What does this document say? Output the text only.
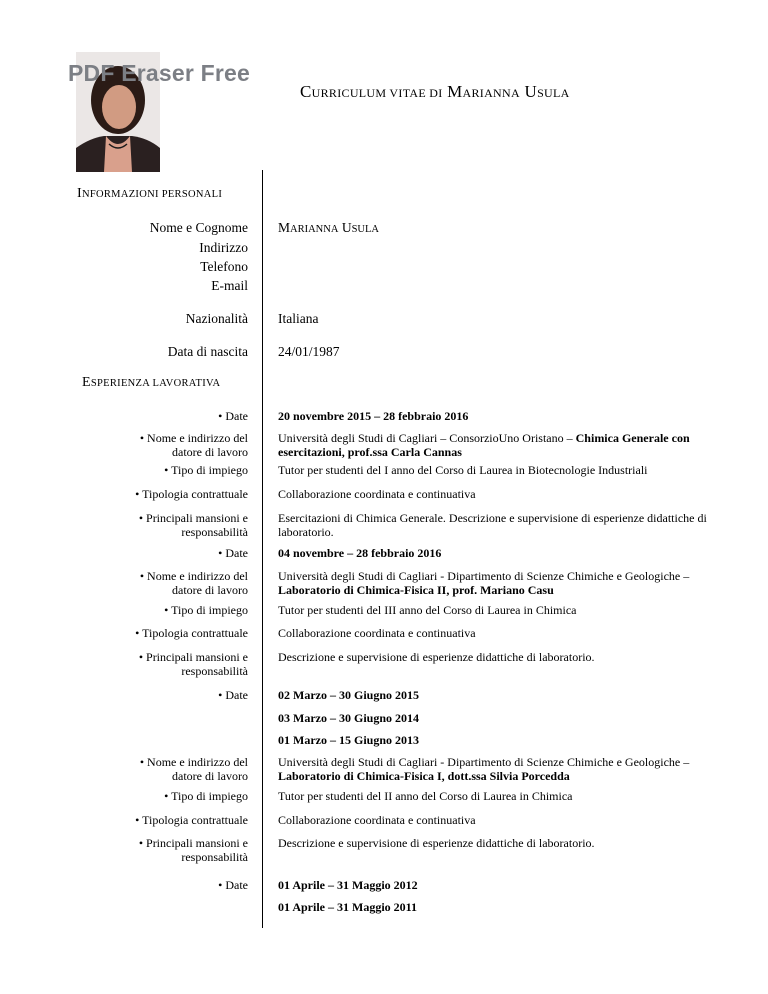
PDF Eraser Free
CURRICULUM VITAE DI MARIANNA USULA
INFORMAZIONI PERSONALI
Nome e Cognome MARIANNA USULA
Indirizzo
Telefono
E-mail
Nazionalità Italiana
Data di nascita 24/01/1987
ESPERIENZA LAVORATIVA
• Date	20 novembre 2015 – 28 febbraio 2016
• Nome e indirizzo del datore di lavoro
Università degli Studi di Cagliari – ConsorzioUno Oristano – Chimica Generale con esercitazioni, prof.ssa Carla Cannas
• Tipo di impiego	Tutor per studenti del I anno del Corso di Laurea in Biotecnologie Industriali
• Tipologia contrattuale	Collaborazione coordinata e continuativa
• Principali mansioni e responsabilità
Esercitazioni di Chimica Generale. Descrizione e supervisione di esperienze didattiche di laboratorio.
• Date	04 novembre – 28 febbraio 2016
• Nome e indirizzo del datore di lavoro
Università degli Studi di Cagliari - Dipartimento di Scienze Chimiche e Geologiche – Laboratorio di Chimica-Fisica II, prof. Mariano Casu
• Tipo di impiego	Tutor per studenti del III anno del Corso di Laurea in Chimica
• Tipologia contrattuale	Collaborazione coordinata e continuativa
• Principali mansioni e responsabilità
Descrizione e supervisione di esperienze didattiche di laboratorio.
• Date	02 Marzo – 30 Giugno 2015
03 Marzo – 30 Giugno 2014
01 Marzo – 15 Giugno 2013
• Nome e indirizzo del datore di lavoro
Università degli Studi di Cagliari - Dipartimento di Scienze Chimiche e Geologiche – Laboratorio di Chimica-Fisica I, dott.ssa Silvia Porcedda
• Tipo di impiego	Tutor per studenti del II anno del Corso di Laurea in Chimica
• Tipologia contrattuale	Collaborazione coordinata e continuativa
• Principali mansioni e responsabilità
Descrizione e supervisione di esperienze didattiche di laboratorio.
• Date	01 Aprile – 31 Maggio 2012
01 Aprile – 31 Maggio 2011
